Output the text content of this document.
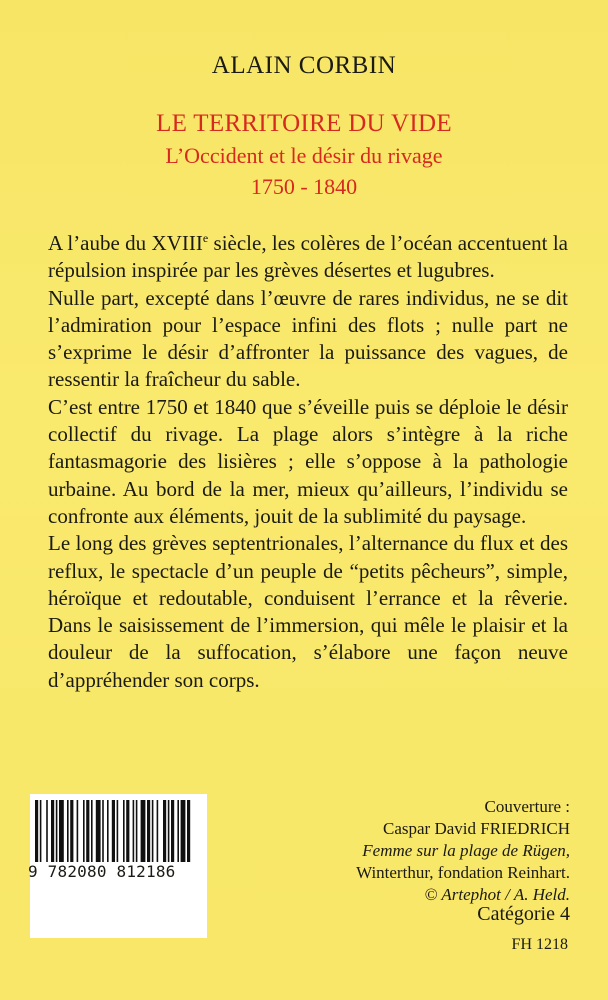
ALAIN CORBIN
LE TERRITOIRE DU VIDE
L’Occident et le désir du rivage
1750 - 1840

A l’aube du XVIIIe siècle, les colères de l’océan accentuent la répulsion inspirée par les grèves désertes et lugubres.

Nulle part, excepté dans l’œuvre de rares individus, ne se dit l’admiration pour l’espace infini des flots ; nulle part ne s’exprime le désir d’affronter la puissance des vagues, de ressentir la fraîcheur du sable.

C’est entre 1750 et 1840 que s’éveille puis se déploie le désir collectif du rivage. La plage alors s’intègre à la riche fantasmagorie des lisières ; elle s’oppose à la pathologie urbaine. Au bord de la mer, mieux qu’ailleurs, l’individu se confronte aux éléments, jouit de la sublimité du paysage.

Le long des grèves septentrionales, l’alternance du flux et des reflux, le spectacle d’un peuple de “petits pêcheurs”, simple, héroïque et redoutable, conduisent l’errance et la rêverie. Dans le saisissement de l’immersion, qui mêle le plaisir et la douleur de la suffocation, s’élabore une façon neuve d’appréhender son corps.

9 782080 812186
Couverture :
Caspar David FRIEDRICH
Femme sur la plage de Rügen,
Winterthur, fondation Reinhart.
© Artephot / A. Held.
Catégorie 4
FH 1218
